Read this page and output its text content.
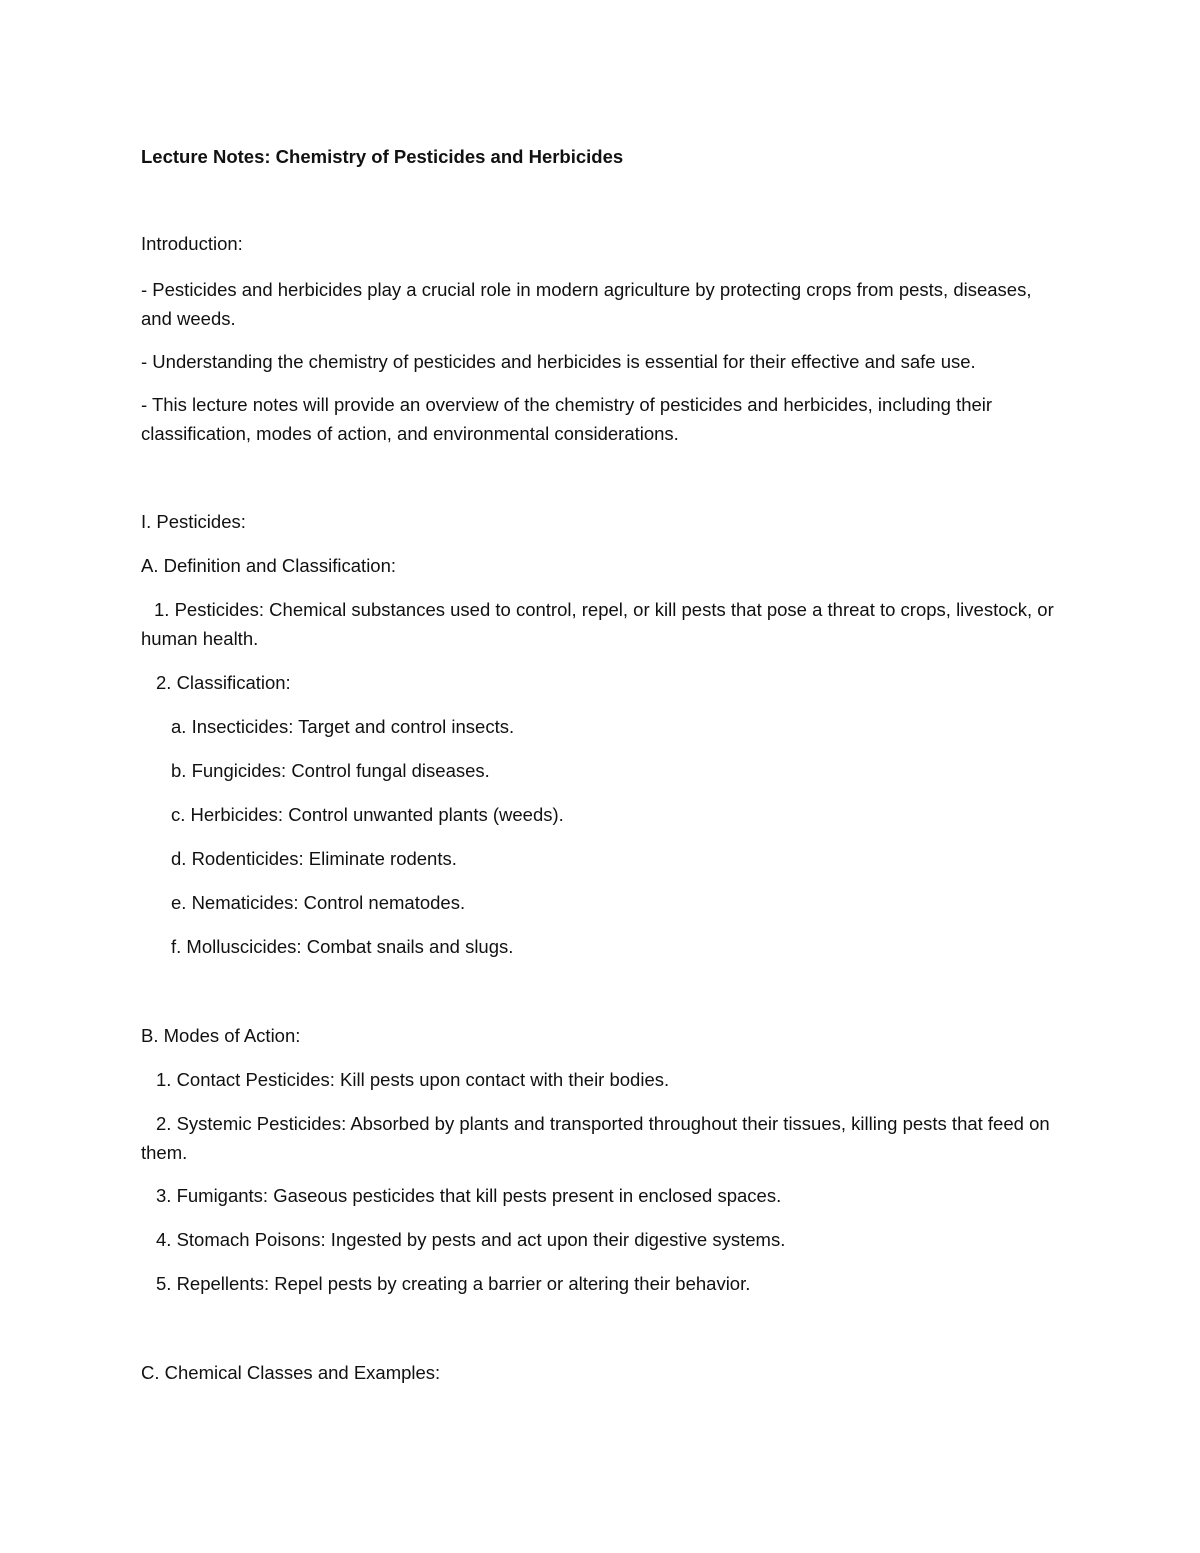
Lecture Notes: Chemistry of Pesticides and Herbicides
Introduction:
- Pesticides and herbicides play a crucial role in modern agriculture by protecting crops from pests, diseases, and weeds.
- Understanding the chemistry of pesticides and herbicides is essential for their effective and safe use.
- This lecture notes will provide an overview of the chemistry of pesticides and herbicides, including their classification, modes of action, and environmental considerations.
I. Pesticides:
A. Definition and Classification:
1. Pesticides: Chemical substances used to control, repel, or kill pests that pose a threat to crops, livestock, or human health.
2. Classification:
a. Insecticides: Target and control insects.
b. Fungicides: Control fungal diseases.
c. Herbicides: Control unwanted plants (weeds).
d. Rodenticides: Eliminate rodents.
e. Nematicides: Control nematodes.
f. Molluscicides: Combat snails and slugs.
B. Modes of Action:
1. Contact Pesticides: Kill pests upon contact with their bodies.
2. Systemic Pesticides: Absorbed by plants and transported throughout their tissues, killing pests that feed on them.
3. Fumigants: Gaseous pesticides that kill pests present in enclosed spaces.
4. Stomach Poisons: Ingested by pests and act upon their digestive systems.
5. Repellents: Repel pests by creating a barrier or altering their behavior.
C. Chemical Classes and Examples:
